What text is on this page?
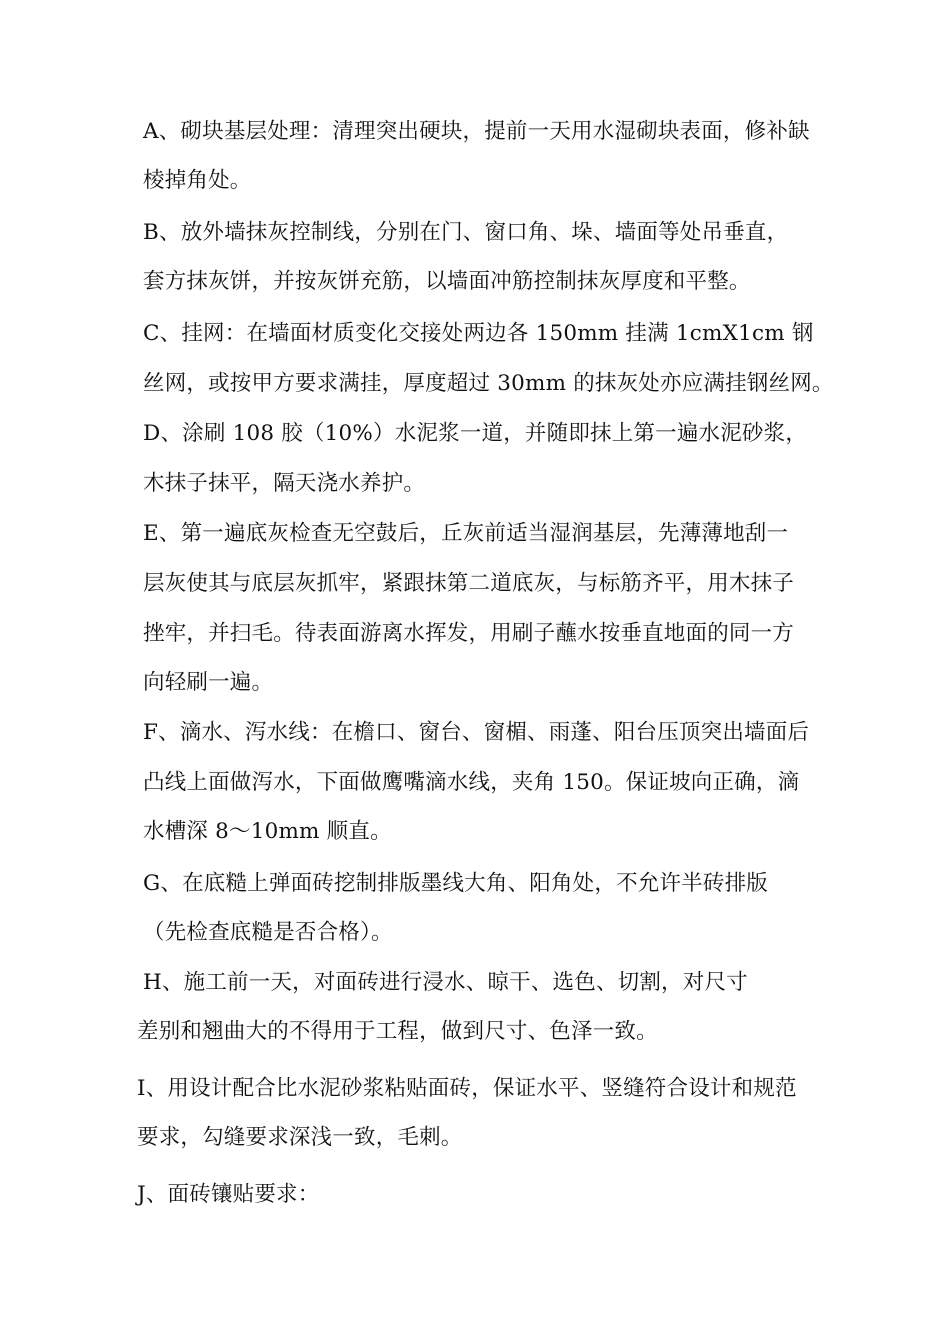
A、砌块基层处理：清理突出硬块，提前一天用水湿砌块表面，修补缺
棱掉角处。
B、放外墙抹灰控制线，分别在门、窗口角、垛、墙面等处吊垂直，
套方抹灰饼，并按灰饼充筋，以墙面冲筋控制抹灰厚度和平整。
C、挂网：在墙面材质变化交接处两边各 150mm 挂满 1cmX1cm 钢
丝网，或按甲方要求满挂，厚度超过 30mm 的抹灰处亦应满挂钢丝网。
D、涂刷 108 胶（10%）水泥浆一道，并随即抹上第一遍水泥砂浆，
木抹子抹平，隔天浇水养护。
E、第一遍底灰检查无空鼓后，丘灰前适当湿润基层，先薄薄地刮一
层灰使其与底层灰抓牢，紧跟抹第二道底灰，与标筋齐平，用木抹子
挫牢，并扫毛。待表面游离水挥发，用刷子蘸水按垂直地面的同一方
向轻刷一遍。
F、滴水、泻水线：在檐口、窗台、窗楣、雨蓬、阳台压顶突出墙面后
凸线上面做泻水，下面做鹰嘴滴水线，夹角 150。保证坡向正确，滴
水槽深 8〜10mm 顺直。
G、在底糙上弹面砖挖制排版墨线大角、阳角处，不允许半砖排版
（先检查底糙是否合格）。
H、施工前一天，对面砖进行浸水、晾干、选色、切割，对尺寸
差别和翘曲大的不得用于工程，做到尺寸、色泽一致。
I、用设计配合比水泥砂浆粘贴面砖，保证水平、竖缝符合设计和规范
要求，勾缝要求深浅一致，毛刺。
J、面砖镶贴要求：
